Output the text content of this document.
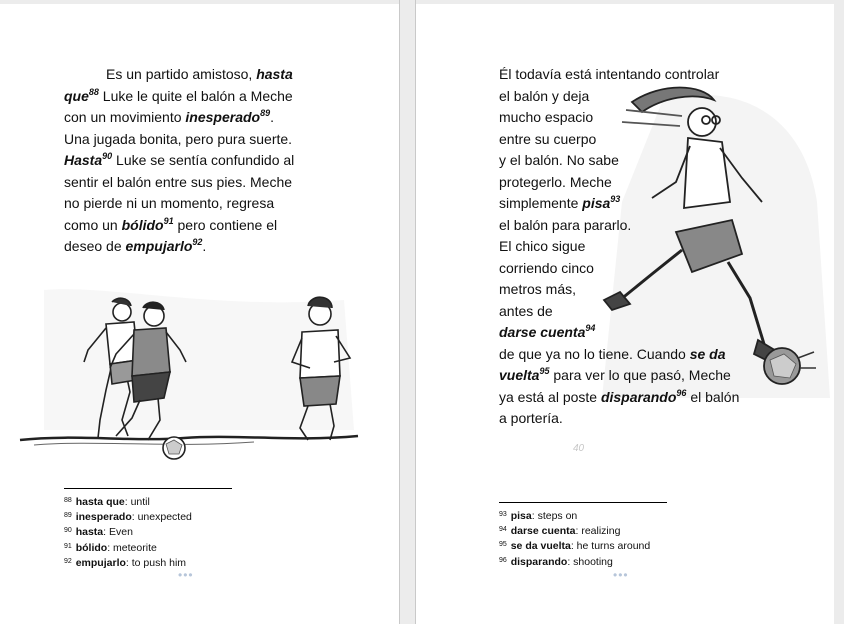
Es un partido amistoso, hasta
que$^{88}$ Luke le quite el balón a Meche
con un movimiento inesperado$^{89}$.
Una jugada bonita, pero pura suerte.
Hasta$^{90}$ Luke se sentía confundido al
sentir el balón entre sus pies. Meche
no pierde ni un momento, regresa
como un bólido$^{91}$ pero contiene el
deseo de empujarlo$^{92}$.
$^{88}$ hasta que: until
$^{89}$ inesperado: unexpected
$^{90}$ hasta: Even
$^{91}$ bólido: meteorite
$^{92}$ empujarlo: to push him
•••
Él todavía está intentando controlar
el balón y deja
mucho espacio
entre su cuerpo
y el balón. No sabe
protegerlo. Meche
simplemente pisa$^{93}$
el balón para pararlo.
El chico sigue
corriendo cinco
metros más,
antes de
darse cuenta$^{94}$
de que ya no lo tiene. Cuando se da
vuelta$^{95}$ para ver lo que pasó, Meche
ya está al poste disparando$^{96}$ el balón
a portería.
40
$^{93}$ pisa: steps on
$^{94}$ darse cuenta: realizing
$^{95}$ se da vuelta: he turns around
$^{96}$ disparando: shooting
•••
